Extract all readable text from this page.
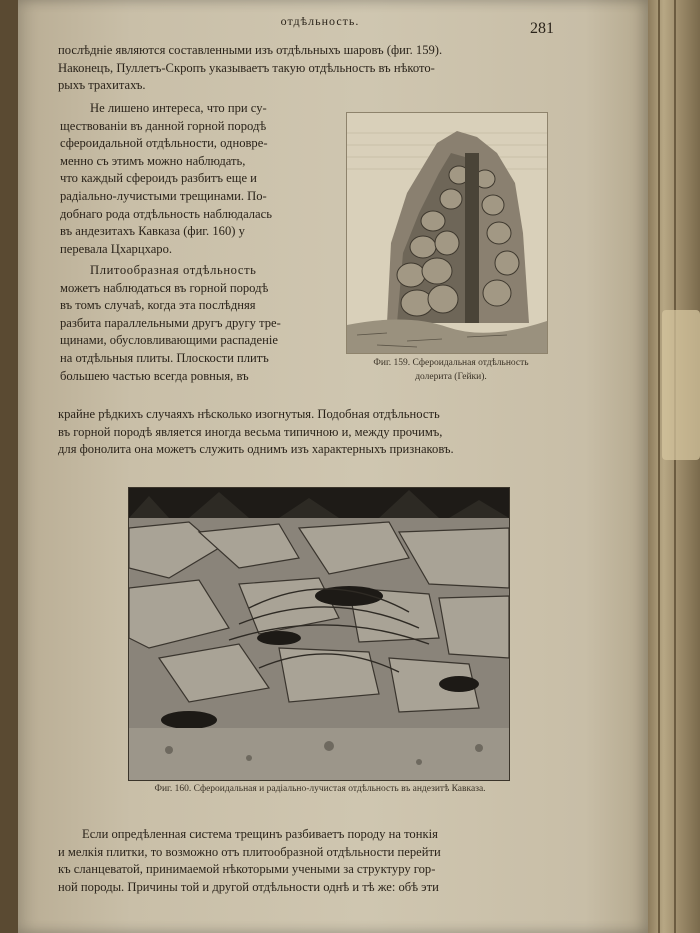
отдѣльность.	281
послѣдніе являются составленными изъ отдѣльныхъ шаровъ (фиг. 159).
Наконецъ, Пуллетъ-Скропъ указываетъ такую отдѣльность въ нѣкото-
рыхъ трахитахъ.
Не лишено интереса, что при су-
ществованіи въ данной горной породѣ
сфероидальной отдѣльности, одновре-
менно съ этимъ можно наблюдать,
что каждый сфероидъ разбитъ еще и
радіально-лучистыми трещинами. По-
добнаго рода отдѣльность наблюдалась
въ андезитахъ Кавказа (фиг. 160) у
перевала Цхарцхаро.
Плитообразная отдѣльность
можетъ наблюдаться въ горной породѣ
въ томъ случаѣ, когда эта послѣдняя
разбита параллельными другъ другу тре-
щинами, обусловливающими распаденіе
на отдѣльныя плиты. Плоскости плитъ
большею частью всегда ровныя, въ
крайне рѣдкихъ случаяхъ нѣсколько изогнутыя. Подобная отдѣльность
въ горной породѣ является иногда весьма типичною и, между прочимъ,
для фонолита она можетъ служить однимъ изъ характерныхъ признаковъ.
Фиг. 159. Сфероидальная отдѣльность
долерита (Гейки).
Фиг. 160. Сфероидальная и радіально-лучистая отдѣльность въ андезитѣ Кавказа.
Если опредѣленная система трещинъ разбиваетъ породу на тонкія
и мелкія плитки, то возможно отъ плитообразной отдѣльности перейти
къ сланцеватой, принимаемой нѣкоторыми учеными за структуру гор-
ной породы. Причины той и другой отдѣльности однѣ и тѣ же: обѣ эти
